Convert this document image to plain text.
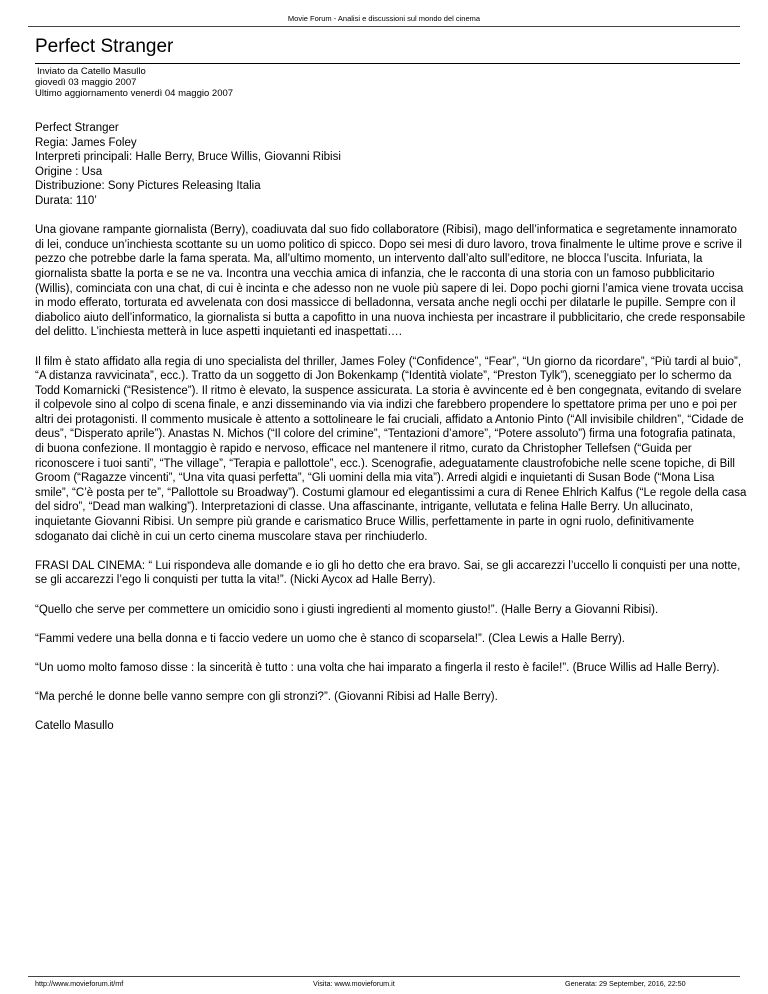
Movie Forum - Analisi e discussioni sul mondo del cinema
Perfect Stranger
Inviato da Catello Masullo
giovedì 03 maggio 2007
Ultimo aggiornamento venerdì 04 maggio 2007

Perfect Stranger
Regia: James Foley
Interpreti principali: Halle Berry, Bruce Willis, Giovanni Ribisi
Origine : Usa
Distribuzione: Sony Pictures Releasing Italia
Durata: 110’

Una giovane rampante giornalista (Berry), coadiuvata dal suo fido collaboratore (Ribisi), mago dell’informatica e segretamente innamorato di lei, conduce un’inchiesta scottante su un uomo politico di spicco. Dopo sei mesi di duro lavoro, trova finalmente le ultime prove e scrive il pezzo che potrebbe darle la fama sperata. Ma, all’ultimo momento, un intervento dall’alto sull’editore, ne blocca l’uscita. Infuriata, la giornalista sbatte la porta e se ne va. Incontra una vecchia amica di infanzia, che le racconta di una storia con un famoso pubblicitario (Willis), cominciata con una chat, di cui è incinta e che adesso non ne vuole più sapere di lei. Dopo pochi giorni l’amica viene trovata uccisa in modo efferato, torturata ed avvelenata con dosi massicce di belladonna, versata anche negli occhi per dilatarle le pupille. Sempre con il diabolico aiuto dell’informatico, la giornalista si butta a capofitto in una nuova inchiesta per incastrare il pubblicitario, che crede responsabile del delitto. L’inchiesta metterà in luce aspetti inquietanti ed inaspettati….

Il film è stato affidato alla regia di uno specialista del thriller, James Foley (“Confidence”, “Fear”, “Un giorno da ricordare”, “Più tardi al buio”, “A distanza ravvicinata”, ecc.). Tratto da un soggetto di Jon Bokenkamp (“Identità violate”, “Preston Tylk”), sceneggiato per lo schermo da Todd Komarnicki (“Resistence”). Il ritmo è elevato, la suspence assicurata. La storia è avvincente ed è ben congegnata, evitando di svelare il colpevole sino al colpo di scena finale, e anzi disseminando via via indizi che farebbero propendere lo spettatore prima per uno e poi per altri dei protagonisti. Il commento musicale è attento a sottolineare le fai cruciali, affidato a Antonio Pinto (“All invisibile children”, “Cidade de deus”, “Disperato aprile”). Anastas N. Michos (“Il colore del crimine”, “Tentazioni d’amore”, “Potere assoluto”) firma una fotografia patinata, di buona confezione. Il montaggio è rapido e nervoso, efficace nel mantenere il ritmo, curato da Christopher Tellefsen (“Guida per riconoscere i tuoi santi”, “The village”, “Terapia e pallottole”, ecc.). Scenografie, adeguatamente claustrofobiche nelle scene topiche, di Bill Groom (“Ragazze vincenti”, “Una vita quasi perfetta”, “Gli uomini della mia vita”). Arredi algidi e inquietanti di Susan Bode (“Mona Lisa smile”, “C’è posta per te”, “Pallottole su Broadway”). Costumi glamour ed elegantissimi a cura di Renee Ehlrich Kalfus (“Le regole della casa del sidro”, “Dead man walking”). Interpretazioni di classe. Una affascinante, intrigante, vellutata e felina Halle Berry. Un allucinato, inquietante Giovanni Ribisi. Un sempre più grande e carismatico Bruce Willis, perfettamente in parte in ogni ruolo, definitivamente sdoganato dai clichè in cui un certo cinema muscolare stava per rinchiuderlo.

FRASI DAL CINEMA: “ Lui rispondeva alle domande e io gli ho detto che era bravo. Sai, se gli accarezzi l’uccello li conquisti per una notte, se gli accarezzi l’ego li conquisti per tutta la vita!”. (Nicki Aycox ad Halle Berry).

“Quello che serve per commettere un omicidio sono i giusti ingredienti al momento giusto!”. (Halle Berry a Giovanni Ribisi).

“Fammi vedere una bella donna e ti faccio vedere un uomo che è stanco di scoparsela!”. (Clea Lewis a Halle Berry).

“Un uomo molto famoso disse : la sincerità è tutto : una volta che hai imparato a fingerla il resto è facile!”. (Bruce Willis ad Halle Berry).

“Ma perché le donne belle vanno sempre con gli stronzi?”. (Giovanni Ribisi ad Halle Berry).

Catello Masullo

http://www.movieforum.it/mf	Visita: www.movieforum.it	Generata: 29 September, 2016, 22:50
